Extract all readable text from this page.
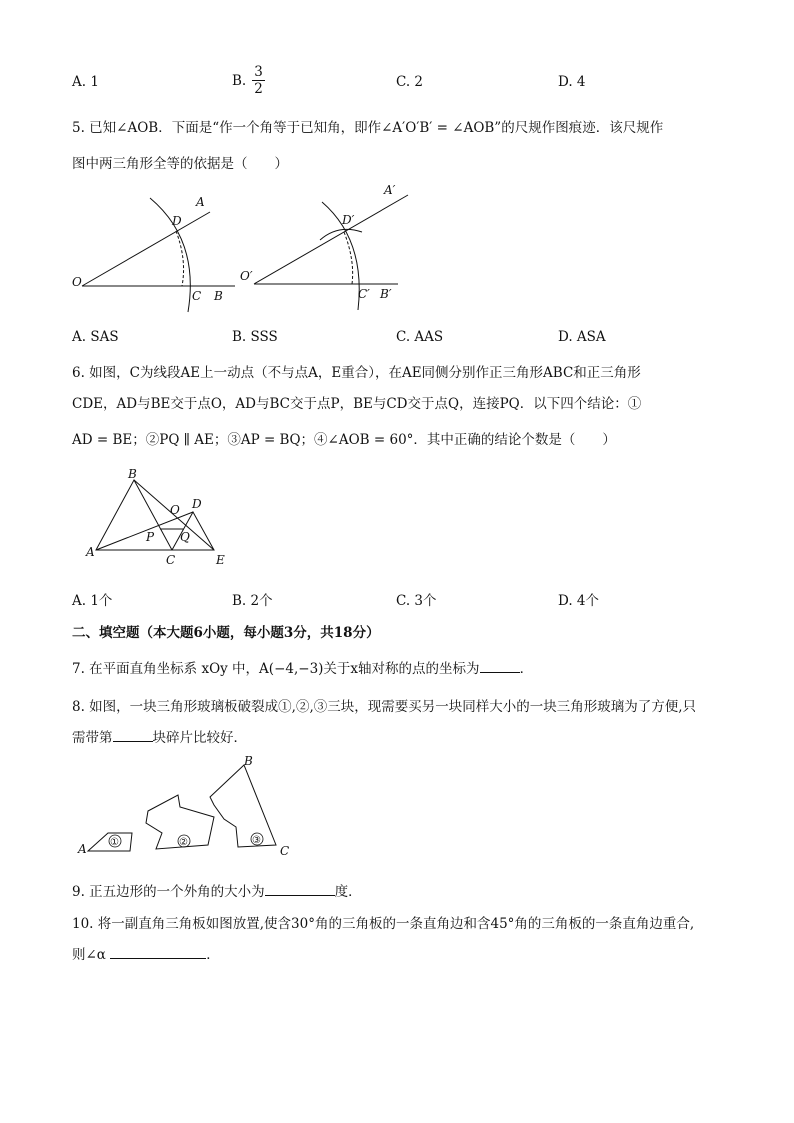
A. 1	B. $\frac{3}{2}$	C. 2	D. 4
5. 已知∠AOB．下面是“作一个角等于已知角，即作∠A′O′B′ = ∠AOB”的尺规作图痕迹．该尺规作
图中两三角形全等的依据是（　　）
O
A
D
C B
O′
A′
D′
C′ B′
A. SAS	B. SSS	C. AAS	D. ASA
6. 如图，C为线段AE上一动点（不与点A，E重合），在AE同侧分别作正三角形ABC和正三角形
CDE，AD与BE交于点O，AD与BC交于点P，BE与CD交于点Q，连接PQ．以下四个结论：①
AD = BE；②PQ ∥ AE；③AP = BQ；④∠AOB = 60°．其中正确的结论个数是（　　）
A
B
C
D
E
O
P Q
A. 1个	B. 2个	C. 3个	D. 4个
二、填空题（本大题6小题，每小题3分，共18分）
7. 在平面直角坐标系 xOy 中，A(−4,−3)关于x轴对称的点的坐标为	．
8. 如图，一块三角形玻璃板破裂成①,②,③三块，现需要买另一块同样大小的一块三角形玻璃为了方便,只
需带第	块碎片比较好．
A
B
C
①	②	③
9. 正五边形的一个外角的大小为	度．
10. 将一副直角三角板如图放置,使含30°角的三角板的一条直角边和含45°角的三角板的一条直角边重合,
则∠α	．
